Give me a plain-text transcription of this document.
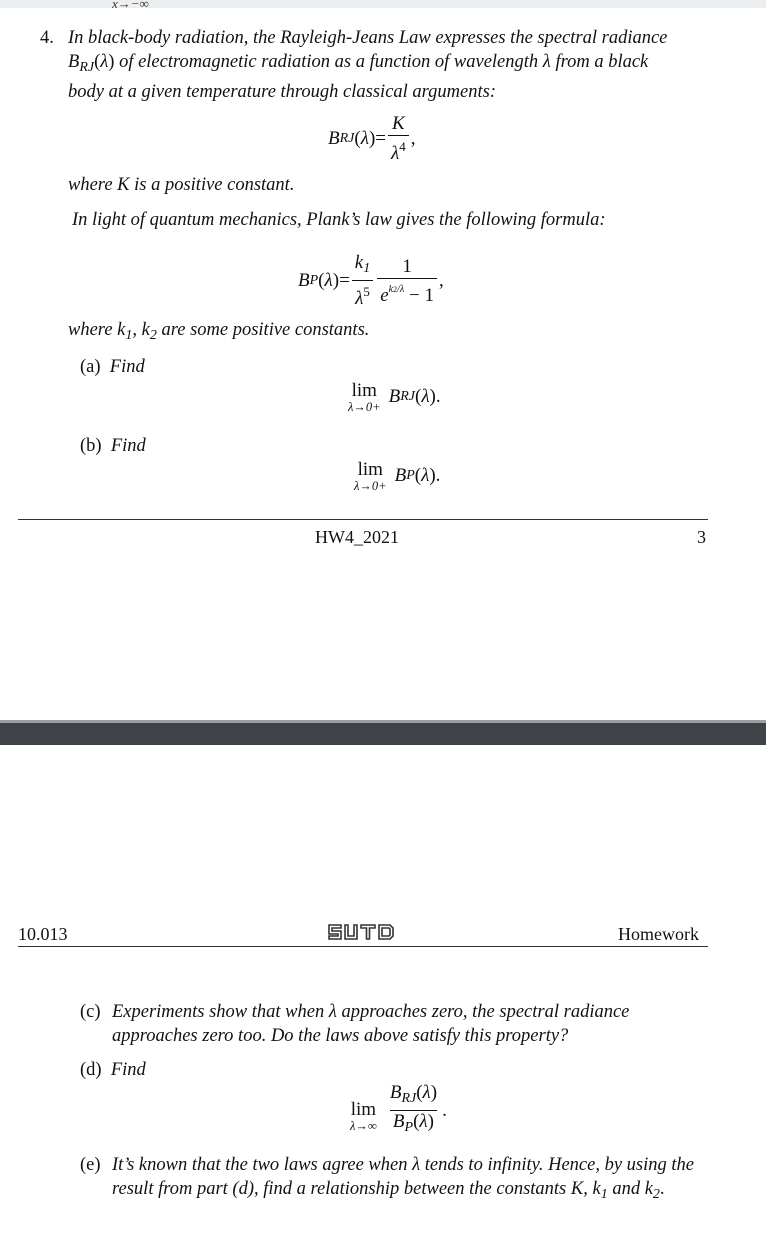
x→−∞
4. In black-body radiation, the Rayleigh-Jeans Law expresses the spectral radiance
$B_{RJ}(\lambda)$ of electromagnetic radiation as a function of wavelength λ from a black
body at a given temperature through classical arguments:
B RJ ( λ ) = $\frac{K}{\lambda^4}$ ,
where K is a positive constant.
In light of quantum mechanics, Plank’s law gives the following formula:
B P ( λ ) = $\frac{k_1}{\lambda^5} \frac{1}{e^{k2/\lambda} - 1}$ ,
where $k_1$, $k_2$ are some positive constants.
(a) Find
lim
λ→0+ B RJ ( λ ) .
(b) Find
lim
λ→0+ B P ( λ ) .
HW4_2021	3
10.013	Homework
(c) Experiments show that when λ approaches zero, the spectral radiance approaches zero too. Do the laws above satisfy this property?
(d) Find
lim
$\lambda\to\infty \frac{B_{RJ}(\lambda)}{B_P(\lambda)}$ .
(e) It’s known that the two laws agree when λ tends to infinity. Hence, by using the result from part (d), find a relationship between the constants K, $k_1$ and $k_2$.
